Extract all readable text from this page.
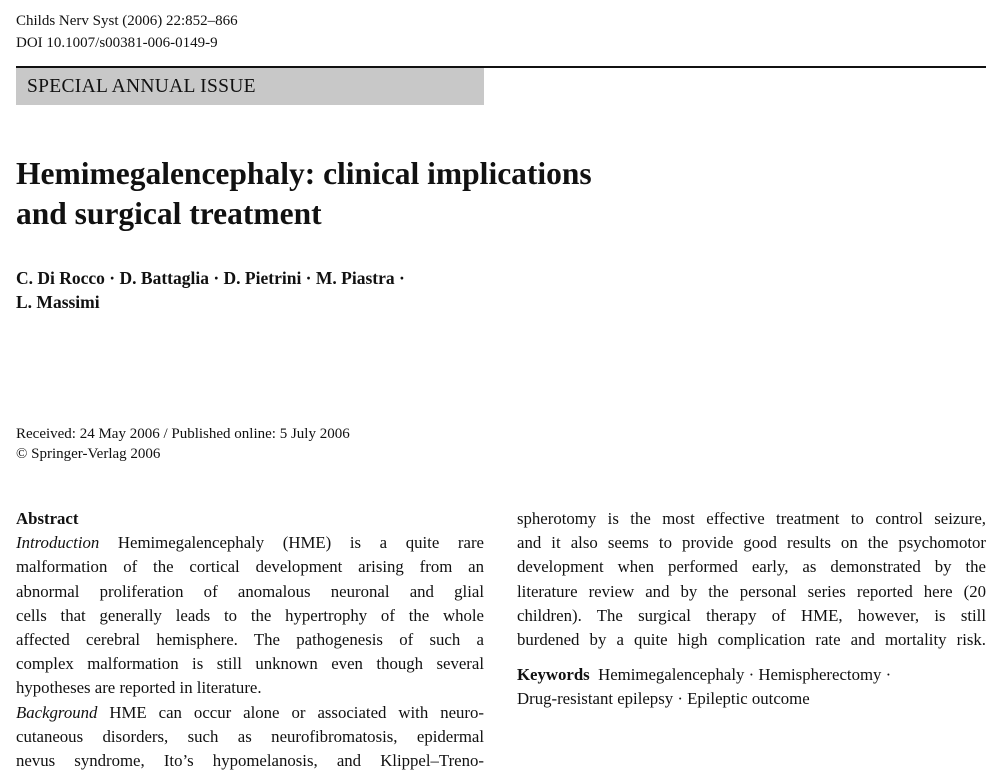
Childs Nerv Syst (2006) 22:852–866
DOI 10.1007/s00381-006-0149-9
SPECIAL ANNUAL ISSUE
Hemimegalencephaly: clinical implications
and surgical treatment
C. Di Rocco · D. Battaglia · D. Pietrini · M. Piastra ·
L. Massimi
Received: 24 May 2006 / Published online: 5 July 2006
© Springer-Verlag 2006
Abstract
Introduction Hemimegalencephaly (HME) is a quite rare
malformation of the cortical development arising from an
abnormal proliferation of anomalous neuronal and glial
cells that generally leads to the hypertrophy of the whole
affected cerebral hemisphere. The pathogenesis of such a
complex malformation is still unknown even though several
hypotheses are reported in literature.
Background HME can occur alone or associated with neuro-
cutaneous disorders, such as neurofibromatosis, epidermal
nevus syndrome, Ito’s hypomelanosis, and Klippel–Treno-
spherotomy is the most effective treatment to control seizure,
and it also seems to provide good results on the psychomotor
development when performed early, as demonstrated by the
literature review and by the personal series reported here (20
children). The surgical therapy of HME, however, is still
burdened by a quite high complication rate and mortality risk.
Keywords Hemimegalencephaly · Hemispherectomy ·
Drug-resistant epilepsy · Epileptic outcome
